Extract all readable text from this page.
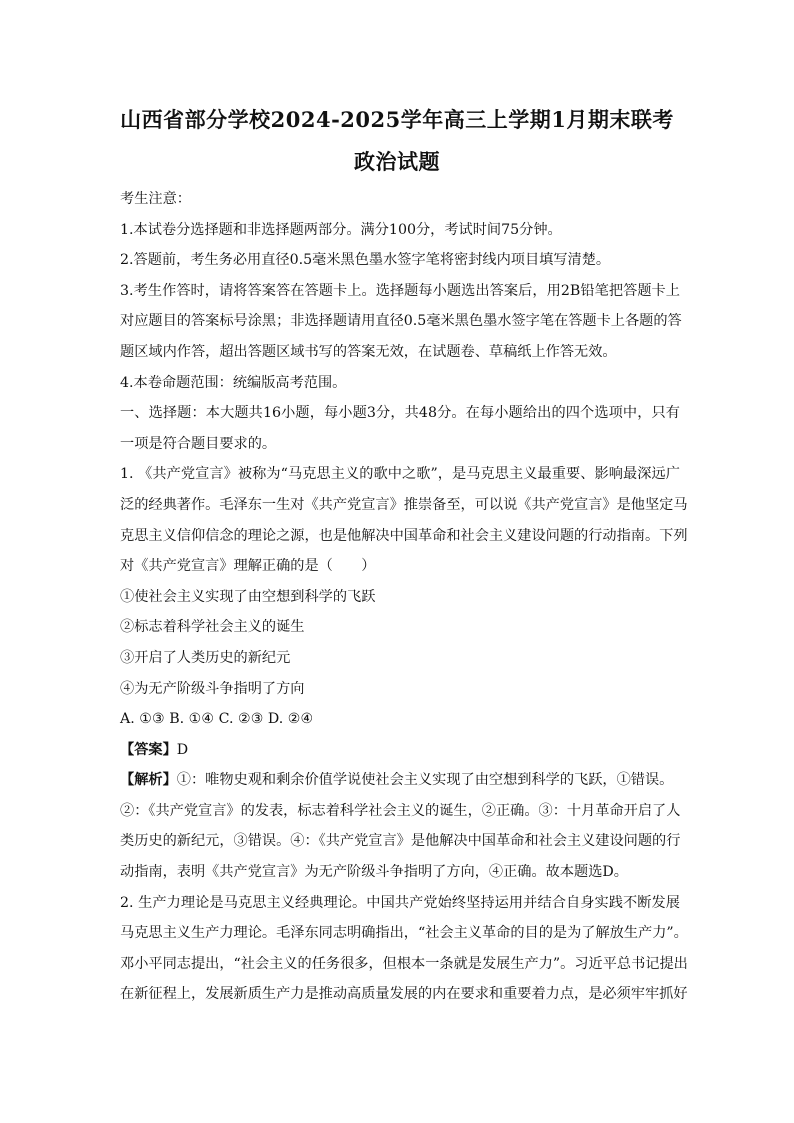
山西省部分学校2024-2025学年高三上学期1月期末联考
政治试题
考生注意：
1.本试卷分选择题和非选择题两部分。满分100分，考试时间75分钟。
2.答题前，考生务必用直径0.5毫米黑色墨水签字笔将密封线内项目填写清楚。
3.考生作答时，请将答案答在答题卡上。选择题每小题选出答案后，用2B铅笔把答题卡上
对应题目的答案标号涂黑；非选择题请用直径0.5毫米黑色墨水签字笔在答题卡上各题的答
题区域内作答，超出答题区域书写的答案无效，在试题卷、草稿纸上作答无效。
4.本卷命题范围：统编版高考范围。
一、选择题：本大题共16小题，每小题3分，共48分。在每小题给出的四个选项中，只有
一项是符合题目要求的。
1. 《共产党宣言》被称为“马克思主义的歌中之歌”，是马克思主义最重要、影响最深远广
泛的经典著作。毛泽东一生对《共产党宣言》推崇备至，可以说《共产党宣言》是他坚定马
克思主义信仰信念的理论之源，也是他解决中国革命和社会主义建设问题的行动指南。下列
对《共产党宣言》理解正确的是（　　）
①使社会主义实现了由空想到科学的飞跃
②标志着科学社会主义的诞生
③开启了人类历史的新纪元
④为无产阶级斗争指明了方向
A. ①③ B. ①④ C. ②③ D. ②④
【答案】D
【解析】①：唯物史观和剩余价值学说使社会主义实现了由空想到科学的飞跃，①错误。
②：《共产党宣言》的发表，标志着科学社会主义的诞生，②正确。③：十月革命开启了人
类历史的新纪元，③错误。④：《共产党宣言》是他解决中国革命和社会主义建设问题的行
动指南，表明《共产党宣言》为无产阶级斗争指明了方向，④正确。故本题选D。
2. 生产力理论是马克思主义经典理论。中国共产党始终坚持运用并结合自身实践不断发展
马克思主义生产力理论。毛泽东同志明确指出，“社会主义革命的目的是为了解放生产力”。
邓小平同志提出，“社会主义的任务很多，但根本一条就是发展生产力”。习近平总书记提出
在新征程上，发展新质生产力是推动高质量发展的内在要求和重要着力点，是必须牢牢抓好
